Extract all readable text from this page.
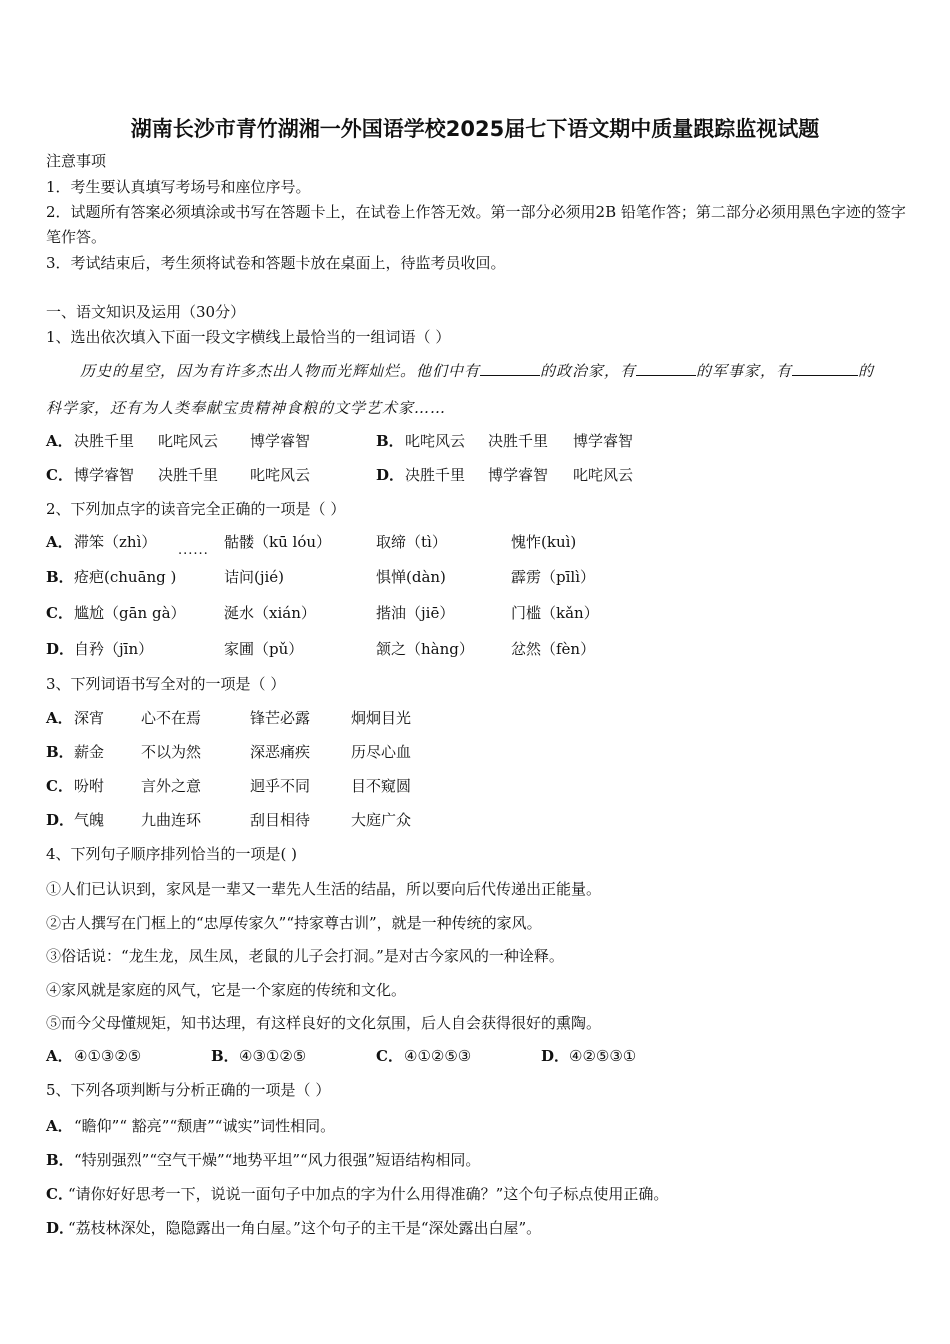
湖南长沙市青竹湖湘一外国语学校2025届七下语文期中质量跟踪监视试题
注意事项
1．考生要认真填写考场号和座位序号。
2．试题所有答案必须填涂或书写在答题卡上，在试卷上作答无效。第一部分必须用2B 铅笔作答；第二部分必须用黑色字迹的签字笔作答。
3．考试结束后，考生须将试卷和答题卡放在桌面上，待监考员收回。
一、语文知识及运用（30分）
1、选出依次填入下面一段文字横线上最恰当的一组词语（ ）
历史的星空，因为有许多杰出人物而光辉灿烂。他们中有	的政治家，有	的军事家，有	的
科学家，还有为人类奉献宝贵精神食粮的文学艺术家……
A． 决胜千里 叱咤风云 博学睿智	B． 叱咤风云 决胜千里 博学睿智
C． 博学睿智 决胜千里 叱咤风云	D． 决胜千里 博学睿智 叱咤风云
2、下列加点字的读音完全正确的一项是（ ）
A． 滞笨（zhì）	骷髅（kū lóu）	取缔（tì）	愧怍(kuì)
......
B． 疮疤(chuāng )	诘问(jié)	惧惮(dàn)	霹雳（pīlì）
C． 尴尬（gān gà）	涎水（xián）	揩油（jiē）	门槛（kǎn）
D． 自矜（jīn）	家圃（pǔ）	颔之（hàng） 忿然（fèn）
3、下列词语书写全对的一项是（ ）
A． 深宵 心不在焉	锋芒必露	炯炯目光
B． 薪金 不以为然	深恶痛疾	历尽心血
C． 吩咐 言外之意	迥乎不同	目不窥圆
D． 气魄 九曲连环	刮目相待	大庭广众
4、下列句子顺序排列恰当的一项是( )
①人们已认识到，家风是一辈又一辈先人生活的结晶，所以要向后代传递出正能量。
②古人撰写在门框上的“忠厚传家久”“持家尊古训”，就是一种传统的家风。
③俗话说：“龙生龙，凤生凤，老鼠的儿子会打洞。”是对古今家风的一种诠释。
④家风就是家庭的风气，它是一个家庭的传统和文化。
⑤而今父母懂规矩，知书达理，有这样良好的文化氛围，后人自会获得很好的熏陶。
A． ④①③②⑤	B． ④③①②⑤	C． ④①②⑤③	D． ④②⑤③①
5、下列各项判断与分析正确的一项是（ ）
A． “瞻仰”“ 豁亮”“颓唐”“诚实”词性相同。
B． “特别强烈”“空气干燥”“地势平坦”“风力很强”短语结构相同。
C．
“请你好好思考一下，说说一面句子中加点的字为什么用得准确？”这个句子标点使用正确。
D．
“荔枝林深处，隐隐露出一角白屋。”这个句子的主干是“深处露出白屋”。
